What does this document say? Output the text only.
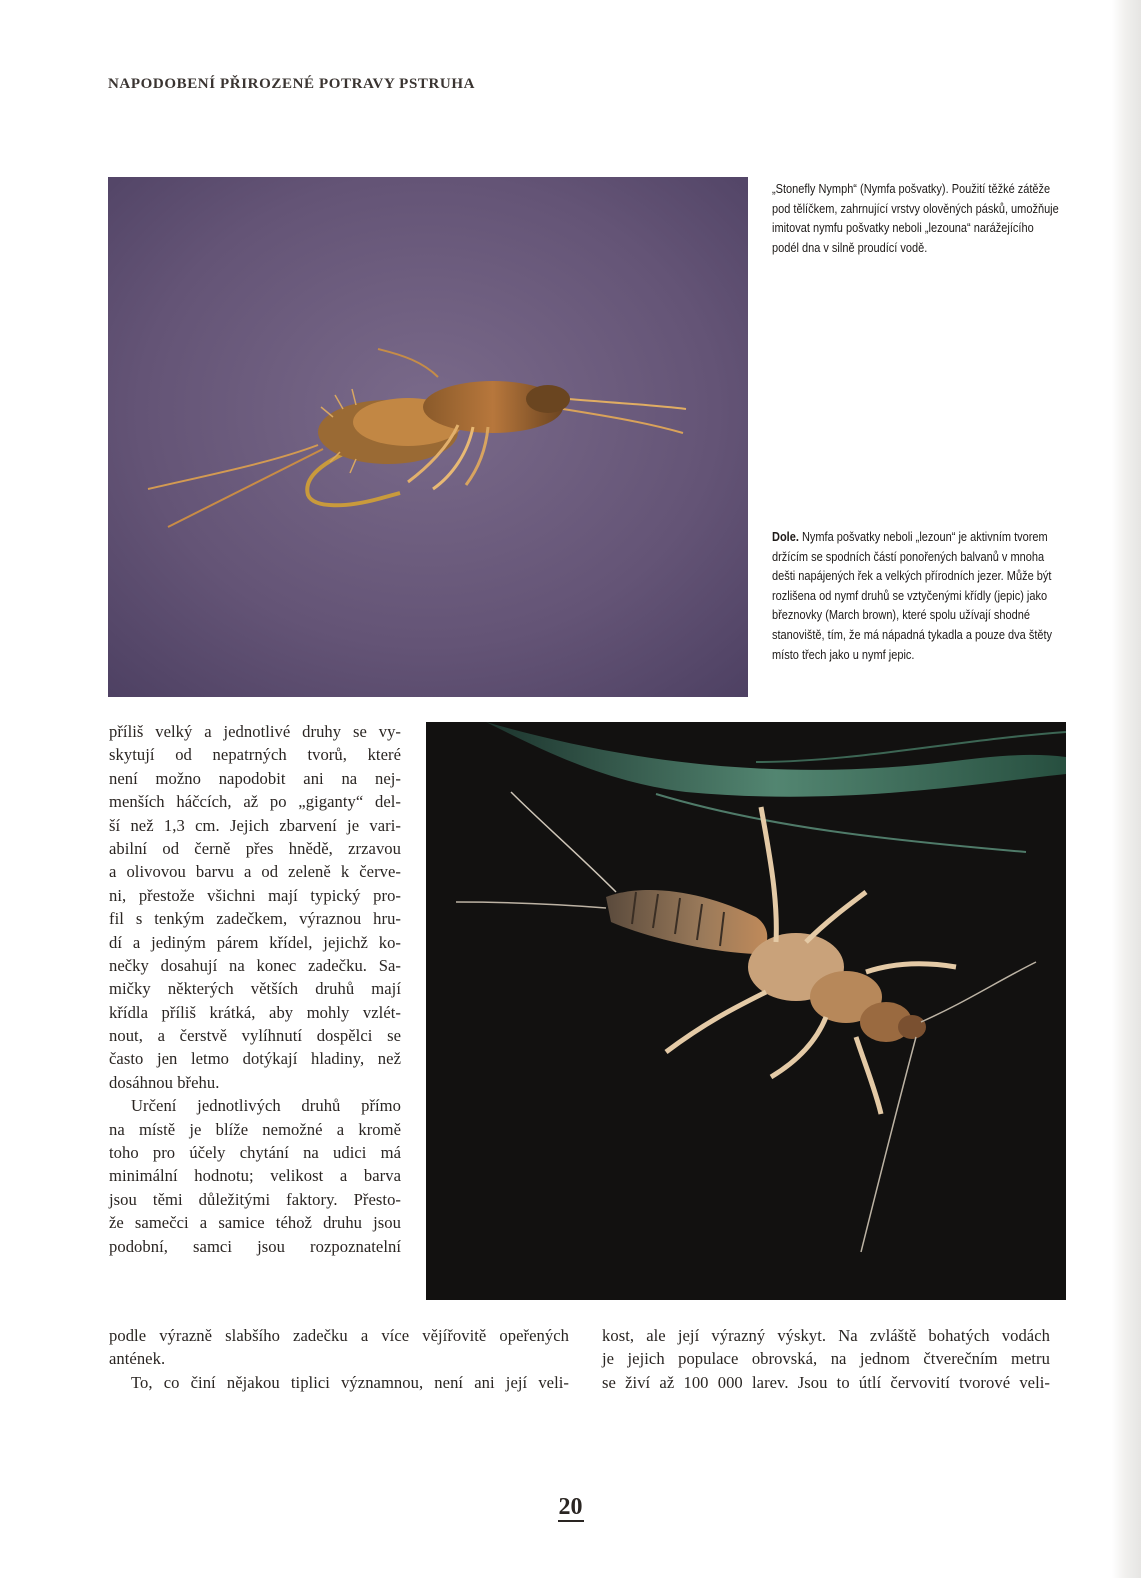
NAPODOBENÍ PŘIROZENÉ POTRAVY PSTRUHA

„Stonefly Nymph“ (Nymfa pošvatky). Použití těžké zátěže pod tělíčkem, zahrnující vrstvy olověných pásků, umožňuje imitovat nymfu pošvatky neboli „lezouna“ narážejícího podél dna v silně proudící vodě.

Dole. Nymfa pošvatky neboli „lezoun“ je aktivním tvorem držícím se spodních částí ponořených balvanů v mnoha dešti napájených řek a velkých přírodních jezer. Může být rozlišena od nymf druhů se vztyčenými křídly (jepic) jako březnovky (March brown), které spolu užívají shodné stanoviště, tím, že má nápadná tykadla a pouze dva štěty místo třech jako u nymf jepic.

příliš velký a jednotlivé druhy se vy-
skytují od nepatrných tvorů, které
není možno napodobit ani na nej-
menších háčcích, až po „giganty“ del-
ší než 1,3 cm. Jejich zbarvení je vari-
abilní od černě přes hnědě, zrzavou
a olivovou barvu a od zeleně k červe-
ni, přestože všichni mají typický pro-
fil s tenkým zadečkem, výraznou hru-
dí a jediným párem křídel, jejichž ko-
nečky dosahují na konec zadečku. Sa-
mičky některých větších druhů mají
křídla příliš krátká, aby mohly vzlét-
nout, a čerstvě vylíhnutí dospělci se
často jen letmo dotýkají hladiny, než
dosáhnou břehu.
Určení jednotlivých druhů přímo
na místě je blíže nemožné a kromě
toho pro účely chytání na udici má
minimální hodnotu; velikost a barva
jsou těmi důležitými faktory. Přesto-
že samečci a samice téhož druhu jsou
podobní, samci jsou rozpoznatelní
podle výrazně slabšího zadečku a více vějířovitě opeřených
antének.
To, co činí nějakou tiplici významnou, není ani její veli-
kost, ale její výrazný výskyt. Na zvláště bohatých vodách
je jejich populace obrovská, na jednom čtverečním metru
se živí až 100 000 larev. Jsou to útlí červovití tvorové veli-

20
